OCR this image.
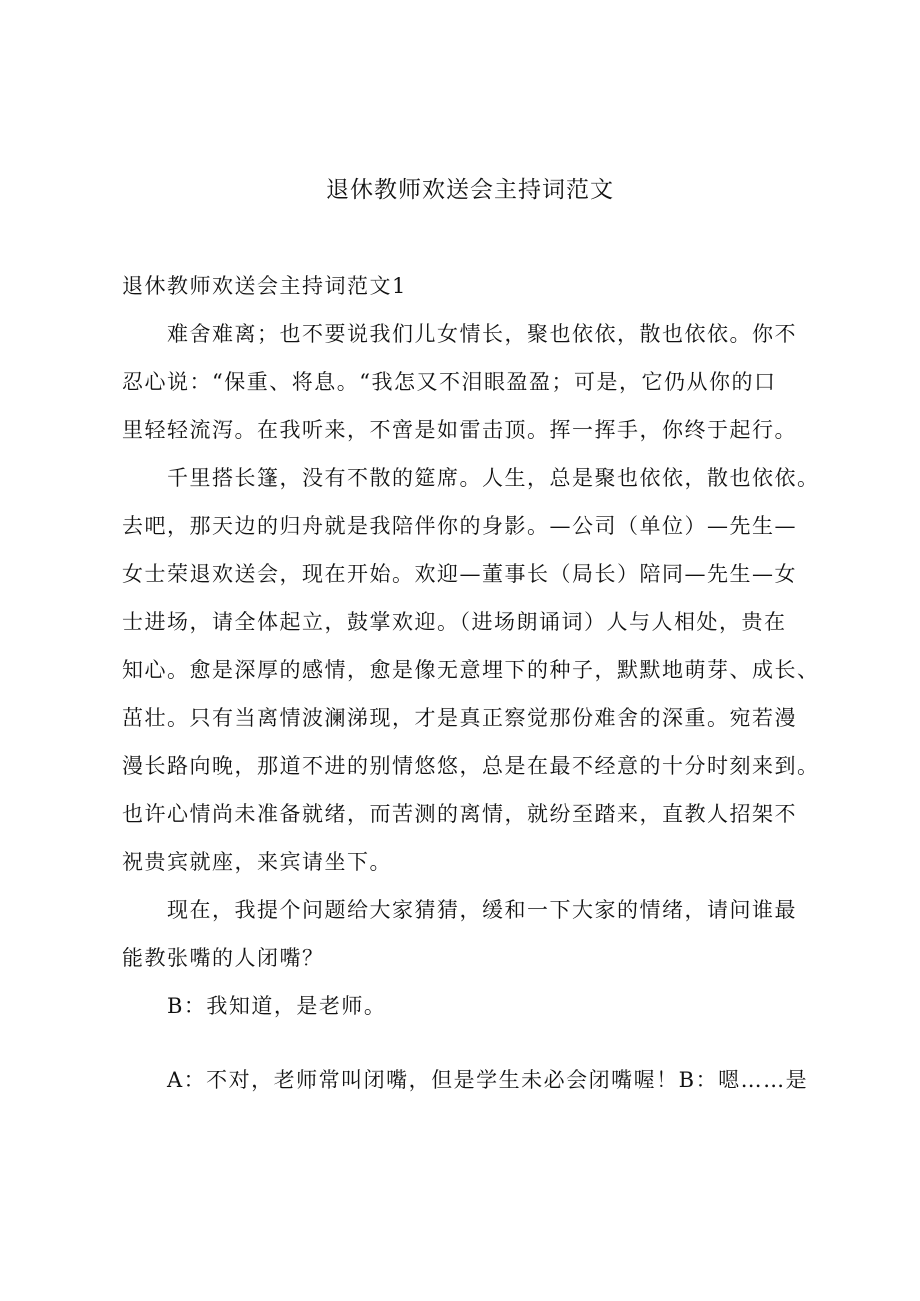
退休教师欢送会主持词范文
退休教师欢送会主持词范文1
难舍难离；也不要说我们儿女情长，聚也依依，散也依依。你不
忍心说：“保重、将息。“我怎又不泪眼盈盈；可是，它仍从你的口
里轻轻流泻。在我听来，不啻是如雷击顶。挥一挥手，你终于起行。
千里搭长篷，没有不散的筵席。人生，总是聚也依依，散也依依。
去吧，那天边的归舟就是我陪伴你的身影。—公司（单位）—先生—
女士荣退欢送会，现在开始。欢迎—董事长（局长）陪同—先生—女
士进场，请全体起立，鼓掌欢迎。（进场朗诵词）人与人相处，贵在
知心。愈是深厚的感情，愈是像无意埋下的种子，默默地萌芽、成长、
茁壮。只有当离情波澜涕现，才是真正察觉那份难舍的深重。宛若漫
漫长路向晚，那道不进的别情悠悠，总是在最不经意的十分时刻来到。
也许心情尚未准备就绪，而苦测的离情，就纷至踏来，直教人招架不
祝贵宾就座，来宾请坐下。
现在，我提个问题给大家猜猜，缓和一下大家的情绪，请问谁最
能教张嘴的人闭嘴？
B：我知道，是老师。
A：不对，老师常叫闭嘴，但是学生未必会闭嘴喔！B：嗯……是
